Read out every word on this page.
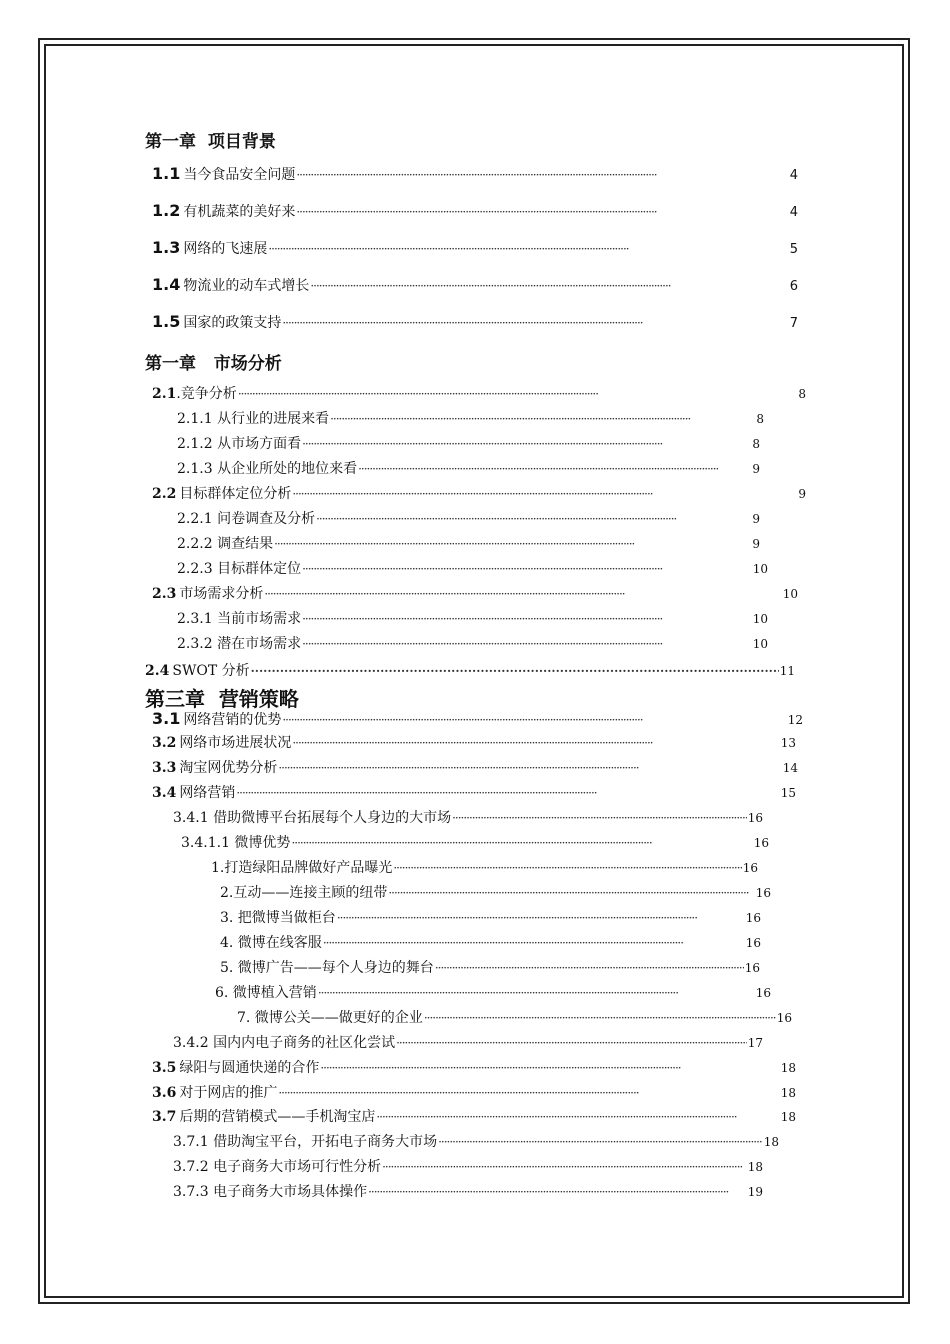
第一章  项目背景
1.1 当今食品安全问题 ·····	4
1.2 有机蔬菜的美好来 ·····	4
1.3 网络的飞速展 ·····	5
1.4 物流业的动车式增长 ·····	6
1.5 国家的政策支持 ·····	7
第一章   市场分析
2.1 .竞争分析 ·····	8
2.1.1 从行业的进展来看 ·····	8
2.1.2 从市场方面看 ·····	8
2.1.3 从企业所处的地位来看 ·····	9
2.2 目标群体定位分析 ·····	9
2.2.1 问卷调查及分析 ·····	9
2.2.2 调查结果 ·····	9
2.2.3 目标群体定位 ·····	10
2.3 市场需求分析 ·····	10
2.3.1 当前市场需求 ·····	10
2.3.2 潜在市场需求 ·····	10
2.4 SWOT 分析 ·····	11
第三章  营销策略
3.1 网络营销的优势 ·····	12
3.2 网络市场进展状况 ·····	13
3.3 淘宝网优势分析 ·····	14
3.4 网络营销 ·····	15
3.4.1 借助微博平台拓展每个人身边的大市场 ·····	16
3.4.1.1 微博优势 ·····	16
1.打造绿阳品牌做好产品曝光 ·····	16
2.互动——连接主顾的纽带 ·····	16
3. 把微博当做柜台 ·····	16
4. 微博在线客服 ·····	16
5. 微博广告——每个人身边的舞台 ·····	16
6. 微博植入营销 ·····	16
7. 微博公关——做更好的企业 ·····	16
3.4.2 国内内电子商务的社区化尝试 ·····	17
3.5 绿阳与圆通快递的合作 ·····	18
3.6 对于网店的推广 ·····	18
3.7 后期的营销模式——手机淘宝店 ·····	18
3.7.1 借助淘宝平台，开拓电子商务大市场 ·····	18
3.7.2 电子商务大市场可行性分析 ·····	18
3.7.3 电子商务大市场具体操作 ·····	19
